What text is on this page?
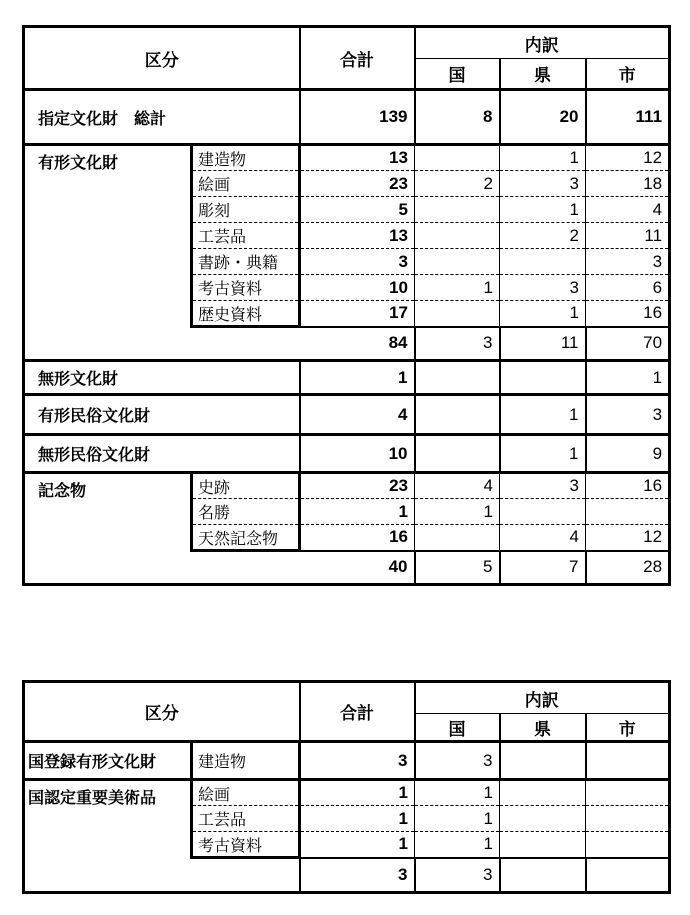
区分		合計	内訳		
			国	県	市
指定文化財　総計		139	8	20	111
有形文化財	建造物	13		1	12
	絵画	23	2	3	18
	彫刻	5		1	4
	工芸品	13		2	11
	書跡・典籍	3			3
	考古資料	10	1	3	6
	歴史資料	17		1	16
		84	3	11	70
無形文化財		1			1
有形民俗文化財		4		1	3
無形民俗文化財		10		1	9
記念物	史跡	23	4	3	16
	名勝	1	1		
	天然記念物	16		4	12
		40	5	7	28
区分		合計	内訳		
			国	県	市
国登録有形文化財	建造物	3	3		
国認定重要美術品	絵画	1	1		
	工芸品	1	1		
	考古資料	1	1		
		3	3		
